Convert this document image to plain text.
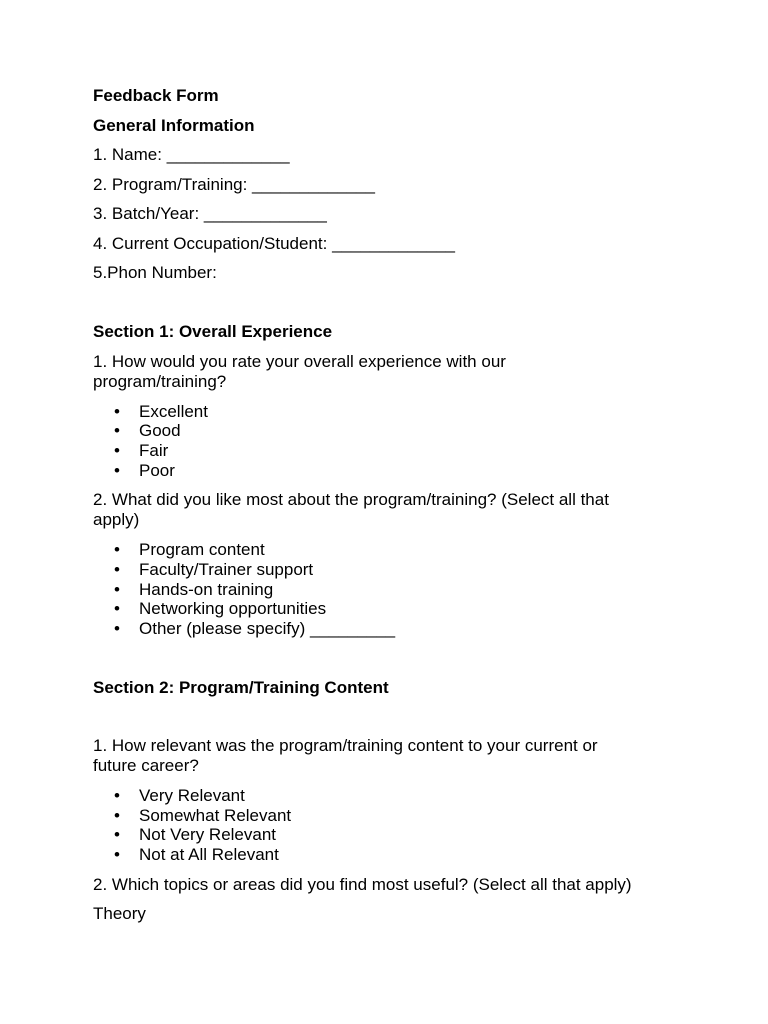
Feedback Form

General Information

1. Name: _____________

2. Program/Training: _____________

3. Batch/Year: _____________

4. Current Occupation/Student: _____________

5.Phon Number:

Section 1: Overall Experience

1. How would you rate your overall experience with our

program/training?

• Excellent
• Good
• Fair
• Poor

2. What did you like most about the program/training? (Select all that

apply)

• Program content
• Faculty/Trainer support
• Hands-on training
• Networking opportunities
• Other (please specify) _________

Section 2: Program/Training Content

1. How relevant was the program/training content to your current or

future career?

• Very Relevant
• Somewhat Relevant
• Not Very Relevant
• Not at All Relevant

2. Which topics or areas did you find most useful? (Select all that apply)

Theory
